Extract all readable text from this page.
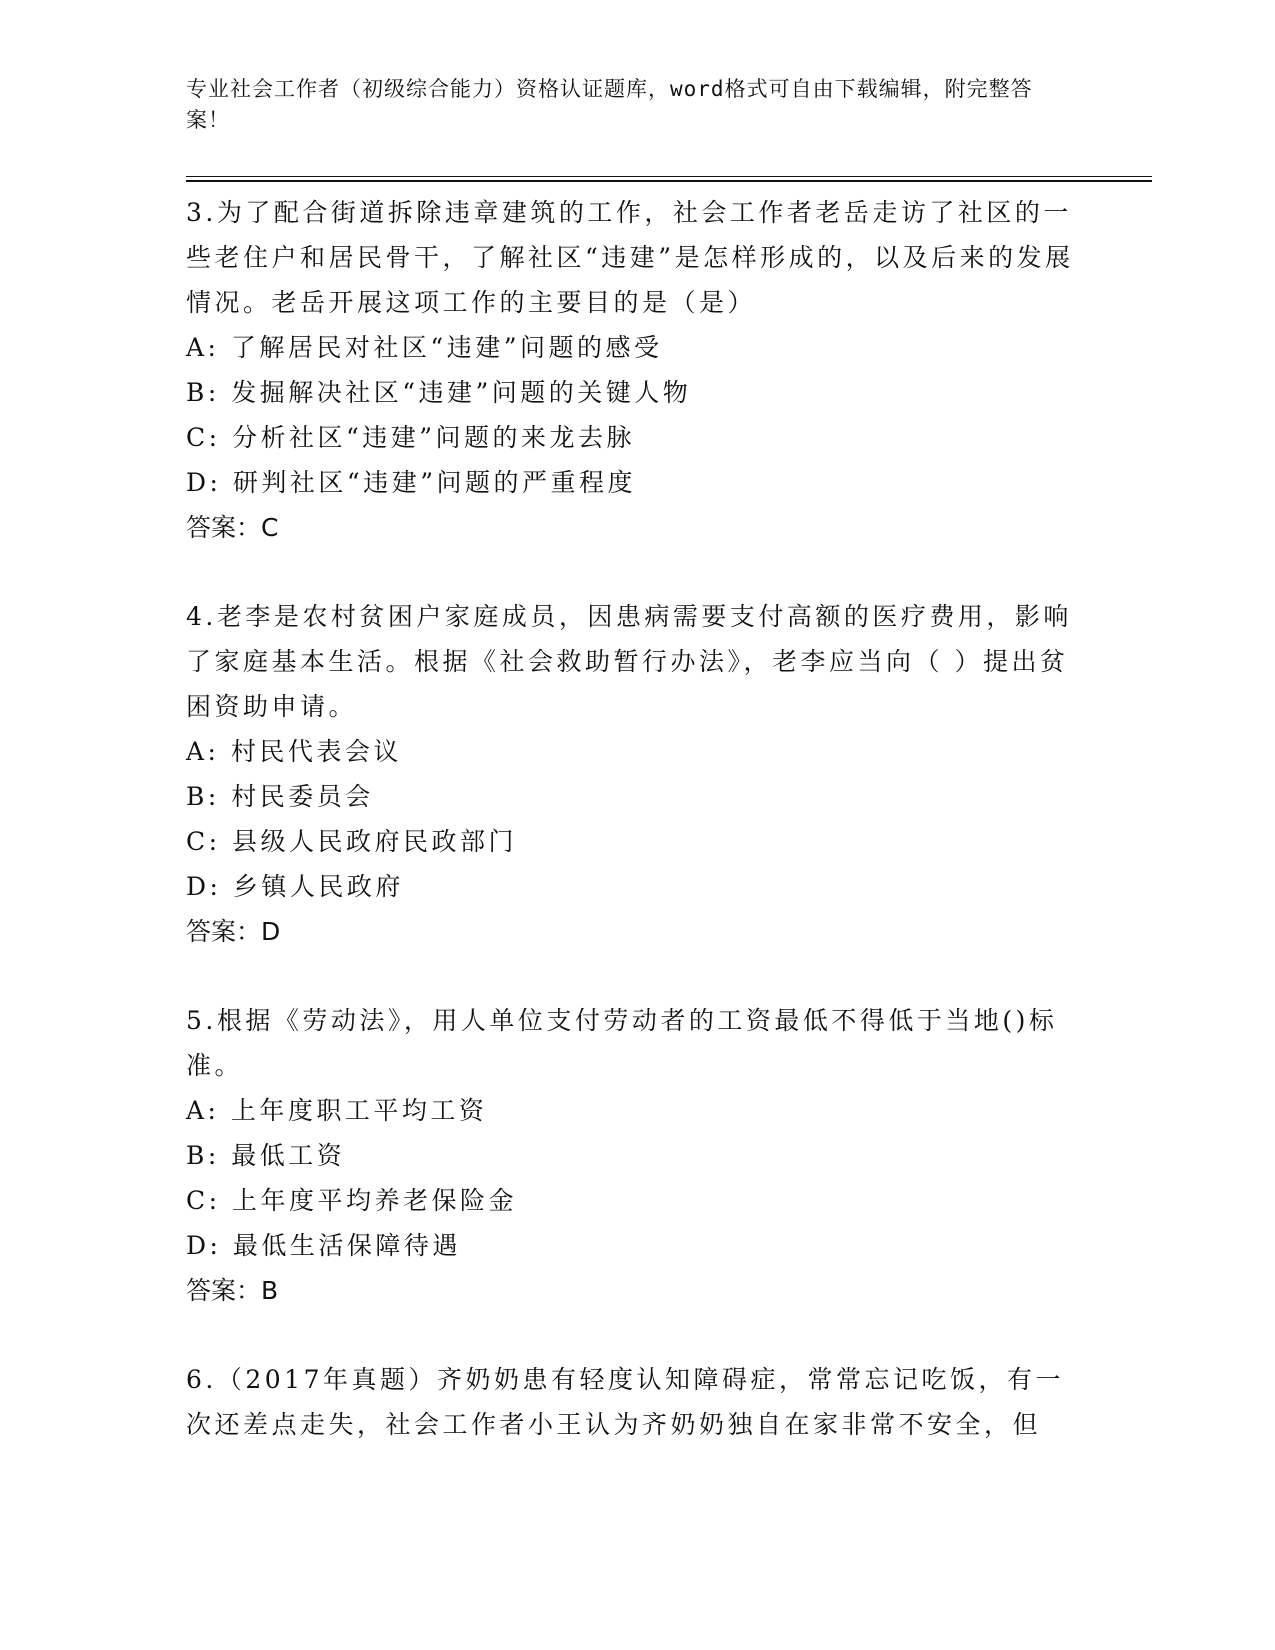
专业社会工作者（初级综合能力）资格认证题库，word格式可自由下载编辑，附完整答案！

3.为了配合街道拆除违章建筑的工作，社会工作者老岳走访了社区的一些老住户和居民骨干，了解社区“违建”是怎样形成的，以及后来的发展情况。老岳开展这项工作的主要目的是（是）

A: 了解居民对社区“违建”问题的感受

B: 发掘解决社区“违建”问题的关键人物

C: 分析社区“违建”问题的来龙去脉

D: 研判社区“违建”问题的严重程度

答案：C

4.老李是农村贫困户家庭成员，因患病需要支付高额的医疗费用，影响了家庭基本生活。根据《社会救助暂行办法》，老李应当向（ ）提出贫困资助申请。

A: 村民代表会议

B: 村民委员会

C: 县级人民政府民政部门

D: 乡镇人民政府

答案：D

5.根据《劳动法》，用人单位支付劳动者的工资最低不得低于当地()标准。

A: 上年度职工平均工资

B: 最低工资

C: 上年度平均养老保险金

D: 最低生活保障待遇

答案：B

6.（2017年真题）齐奶奶患有轻度认知障碍症，常常忘记吃饭，有一次还差点走失，社会工作者小王认为齐奶奶独自在家非常不安全，但
